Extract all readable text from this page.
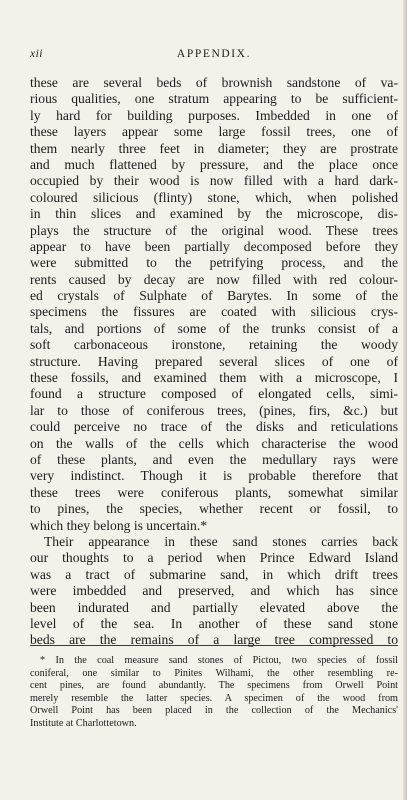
xii	APPENDIX.
these are several beds of brownish sandstone of va-
rious qualities, one stratum appearing to be sufficient-
ly hard for building purposes. Imbedded in one of
these layers appear some large fossil trees, one of
them nearly three feet in diameter; they are prostrate
and much flattened by pressure, and the place once
occupied by their wood is now filled with a hard dark-
coloured silicious (flinty) stone, which, when polished
in thin slices and examined by the microscope, dis-
plays the structure of the original wood. These trees
appear to have been partially decomposed before they
were submitted to the petrifying process, and the
rents caused by decay are now filled with red colour-
ed crystals of Sulphate of Barytes. In some of the
specimens the fissures are coated with silicious crys-
tals, and portions of some of the trunks consist of a
soft carbonaceous ironstone, retaining the woody
structure. Having prepared several slices of one of
these fossils, and examined them with a microscope, I
found a structure composed of elongated cells, simi-
lar to those of coniferous trees, (pines, firs, &c.) but
could perceive no trace of the disks and reticulations
on the walls of the cells which characterise the wood
of these plants, and even the medullary rays were
very indistinct. Though it is probable therefore that
these trees were coniferous plants, somewhat similar
to pines, the species, whether recent or fossil, to
which they belong is uncertain.*
Their appearance in these sand stones carries back
our thoughts to a period when Prince Edward Island
was a tract of submarine sand, in which drift trees
were imbedded and preserved, and which has since
been indurated and partially elevated above the
level of the sea. In another of these sand stone
beds are the remains of a large tree compressed to
* In the coal measure sand stones of Pictou, two species of fossil
coniferal, one similar to Pinites Wilhami, the other resembling re-
cent pines, are found abundantly. The specimens from Orwell Point
merely resemble the latter species. A specimen of the wood from
Orwell Point has been placed in the collection of the Mechanics'
Institute at Charlottetown.
